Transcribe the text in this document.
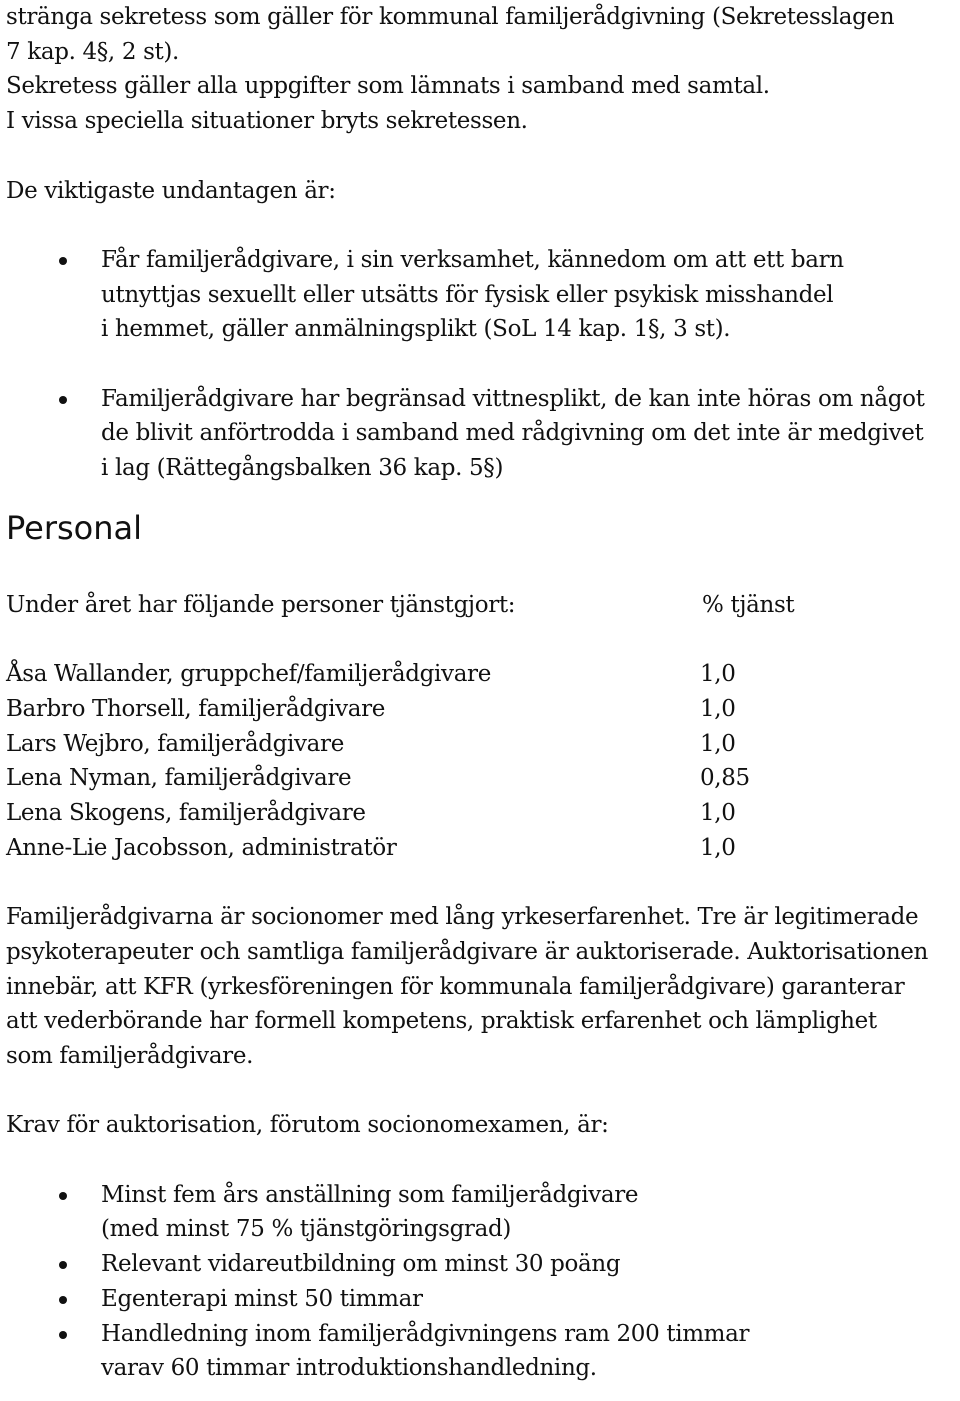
stränga sekretess som gäller för kommunal familjerådgivning (Sekretesslagen

7 kap. 4§, 2 st).

Sekretess gäller alla uppgifter som lämnats i samband med samtal.

I vissa speciella situationer bryts sekretessen.

De viktigaste undantagen är:

Får familjerådgivare, i sin verksamhet, kännedom om att ett barn

utnyttjas sexuellt eller utsätts för fysisk eller psykisk misshandel

i hemmet, gäller anmälningsplikt (SoL 14 kap. 1§, 3 st).

Familjerådgivare har begränsad vittnesplikt, de kan inte höras om något

de blivit anförtrodda i samband med rådgivning om det inte är medgivet

i lag (Rättegångsbalken 36 kap. 5§)

Personal
Under året har följande personer tjänstgjort:	% tjänst
Åsa Wallander, gruppchef/familjerådgivare	1,0
Barbro Thorsell, familjerådgivare	1,0
Lars Wejbro, familjerådgivare	1,0
Lena Nyman, familjerådgivare	0,85
Lena Skogens, familjerådgivare	1,0
Anne-Lie Jacobsson, administratör	1,0

Familjerådgivarna är socionomer med lång yrkeserfarenhet. Tre är legitimerade

psykoterapeuter och samtliga familjerådgivare är auktoriserade. Auktorisationen

innebär, att KFR (yrkesföreningen för kommunala familjerådgivare) garanterar

att vederbörande har formell kompetens, praktisk erfarenhet och lämplighet

som familjerådgivare.

Krav för auktorisation, förutom socionomexamen, är:

Minst fem års anställning som familjerådgivare

(med minst 75 % tjänstgöringsgrad)

Relevant vidareutbildning om minst 30 poäng

Egenterapi minst 50 timmar

Handledning inom familjerådgivningens ram 200 timmar

varav 60 timmar introduktionshandledning.
